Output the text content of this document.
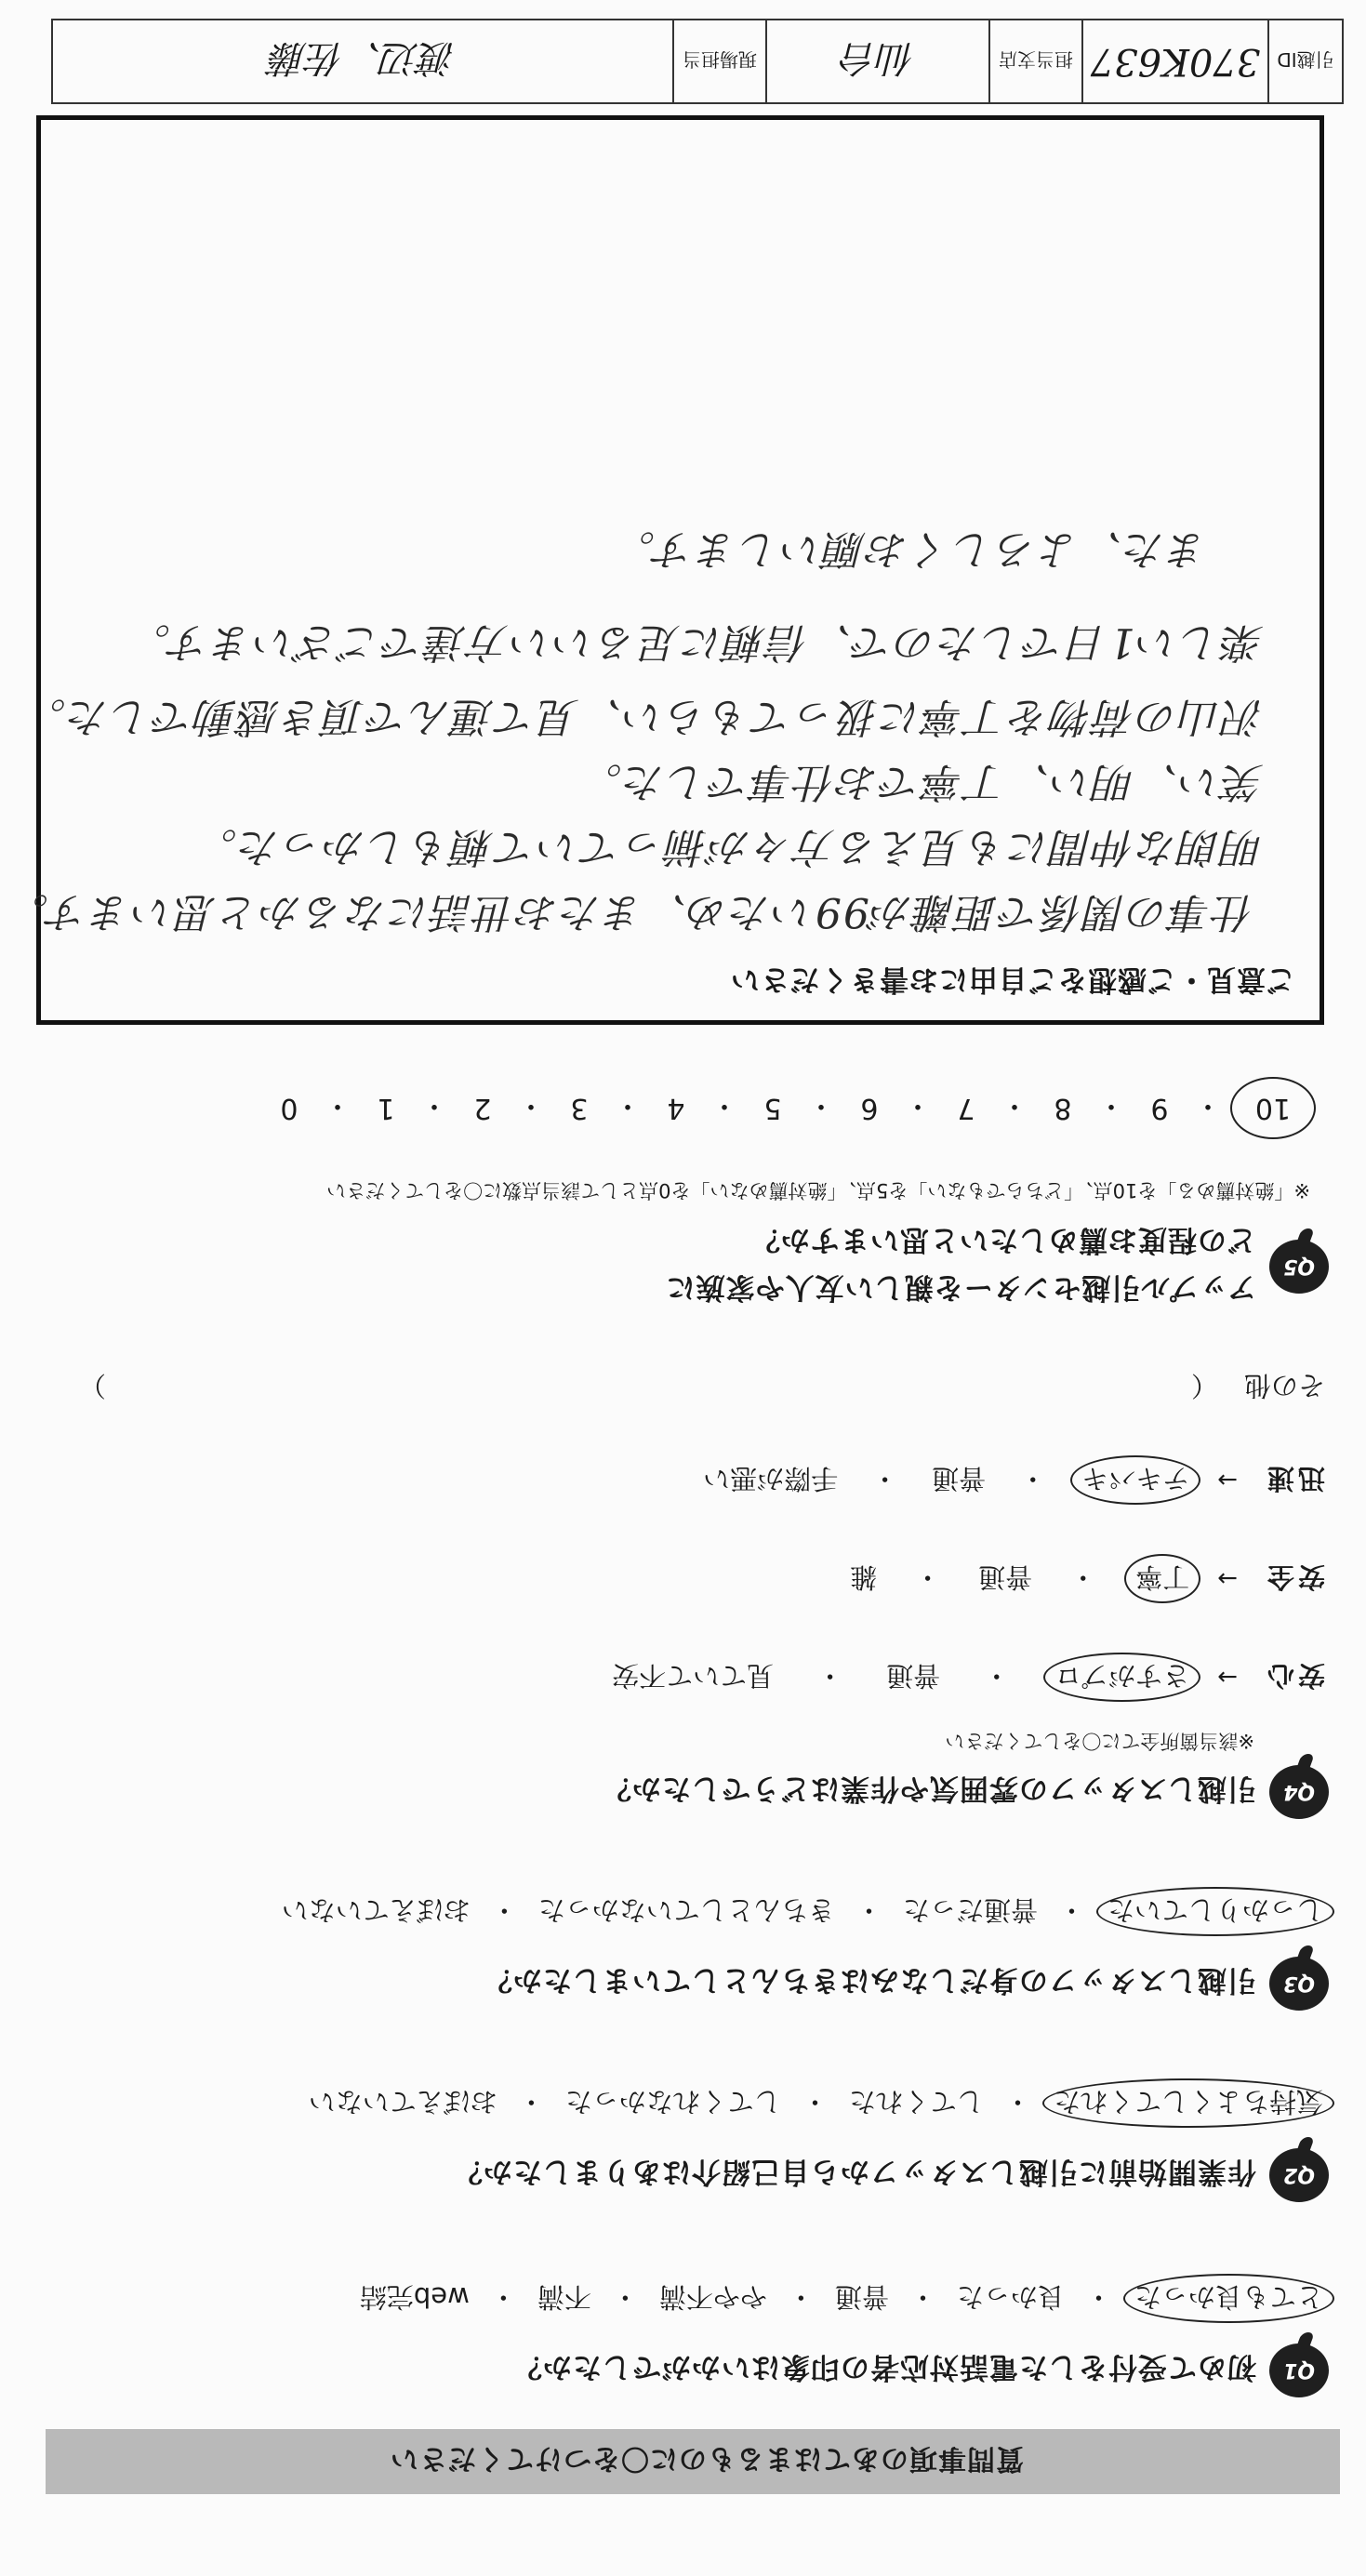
質問事項のあてはまるものに〇をつけてください
Q1
初めて受付をした電話対応者の印象はいかがでしたか？
とても良かった
・
良かった
・
普通
・
やや不満
・
不満
・
web完結
Q2
作業開始前に引越しスタッフから自己紹介はありましたか？
気持ちよくしてくれた
・
してくれた
・
してくれなかった
・
おぼえていない
Q3
引越しスタッフの身だしなみはきちんとしていましたか？
しっかりしていた
・
普通だった
・
きちんとしていなかった
・
おぼえていない
Q4
引越しスタッフの雰囲気や作業はどうでしたか？
※該当箇所全てに〇をしてください
安心
→
さすがプロ
・
普通
・
見ていて不安
安全
→
丁寧
・
普通
・
雑
迅速
→
テキパキ
・
普通
・
手際が悪い
その他
（
）
Q5
アップル引越センターを親しい友人や家族に
どの程度お薦めしたいと思いますか？
※「絶対薦める」を10点、「どちらでもない」を5点、「絶対薦めない」を0点として該当点数に〇をしてください
10
・
9
・
8
・
7
・
6
・
5
・
4
・
3
・
2
・
1
・
0
ご意見・ご感想をご自由にお書きください
仕事の関係で距離が99いため、またお世話になるかと思います。
明朗な仲間にも見える方々が揃っていて頼もしかった。
笑い、明い、丁寧でお仕事でした。
沢山の荷物を丁寧に扱ってもらい、見て運んで頂き感動でした。
楽しい1日でしたので、信頼に足るいい方達でございます。
また、よろしくお願いします。
引越ID
370K637
担当支店
仙台
現場担当
渡辺、佐藤
